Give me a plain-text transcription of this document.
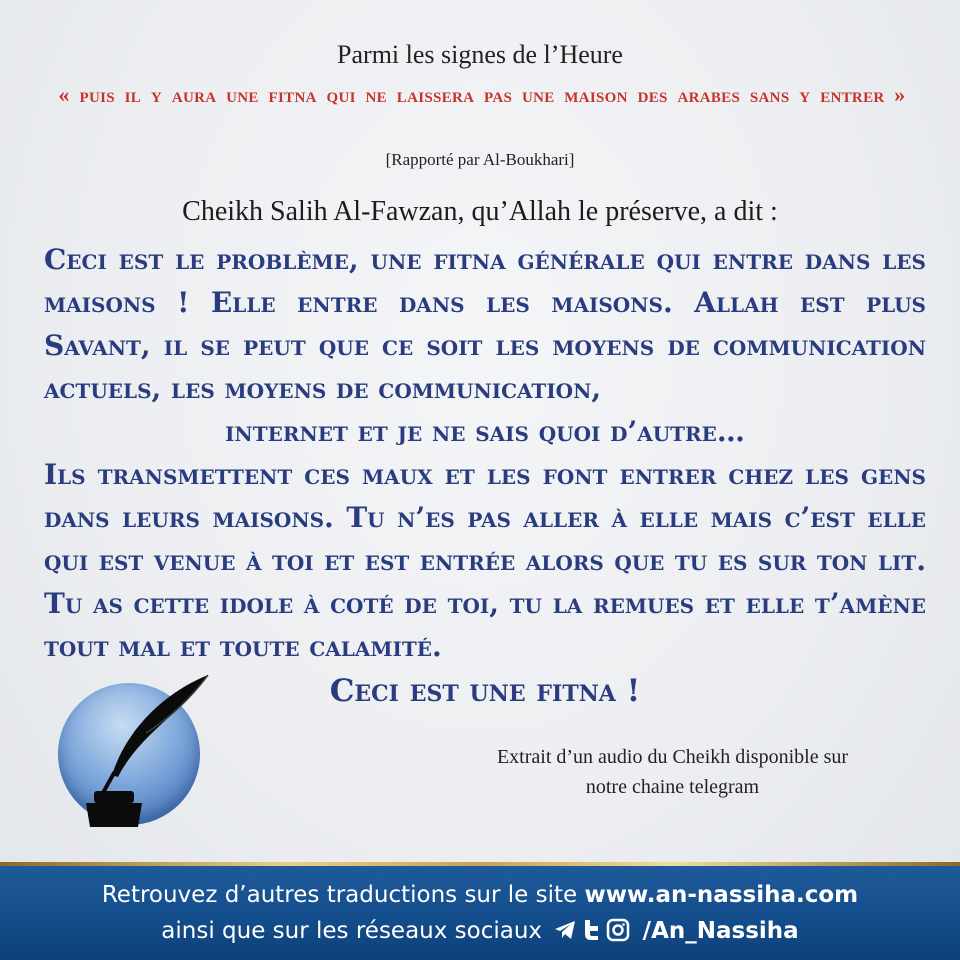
Parmi les signes de l’Heure
« puis il y aura une fitna qui ne laissera pas une maison des arabes sans y entrer »
[Rapporté par Al-Boukhari]
Cheikh Salih Al-Fawzan, qu’Allah le préserve, a dit :

Ceci est le problème, une fitna générale qui entre dans les maisons ! Elle entre dans les maisons. Allah est plus Savant, il se peut que ce soit les moyens de communication actuels, les moyens de communication,

internet et je ne sais quoi d’autre…

Ils transmettent ces maux et les font entrer chez les gens dans leurs maisons. Tu n’es pas aller à elle mais c’est elle qui est venue à toi et est entrée alors que tu es sur ton lit. Tu as cette idole à coté de toi, tu la remues et elle t’amène tout mal et toute calamité.

Ceci est une fitna !

Extrait d’un audio du Cheikh disponible sur
notre chaine telegram
Retrouvez d’autres traductions sur le site www.an-nassiha.com
ainsi que sur les réseaux sociaux	/An_Nassiha
